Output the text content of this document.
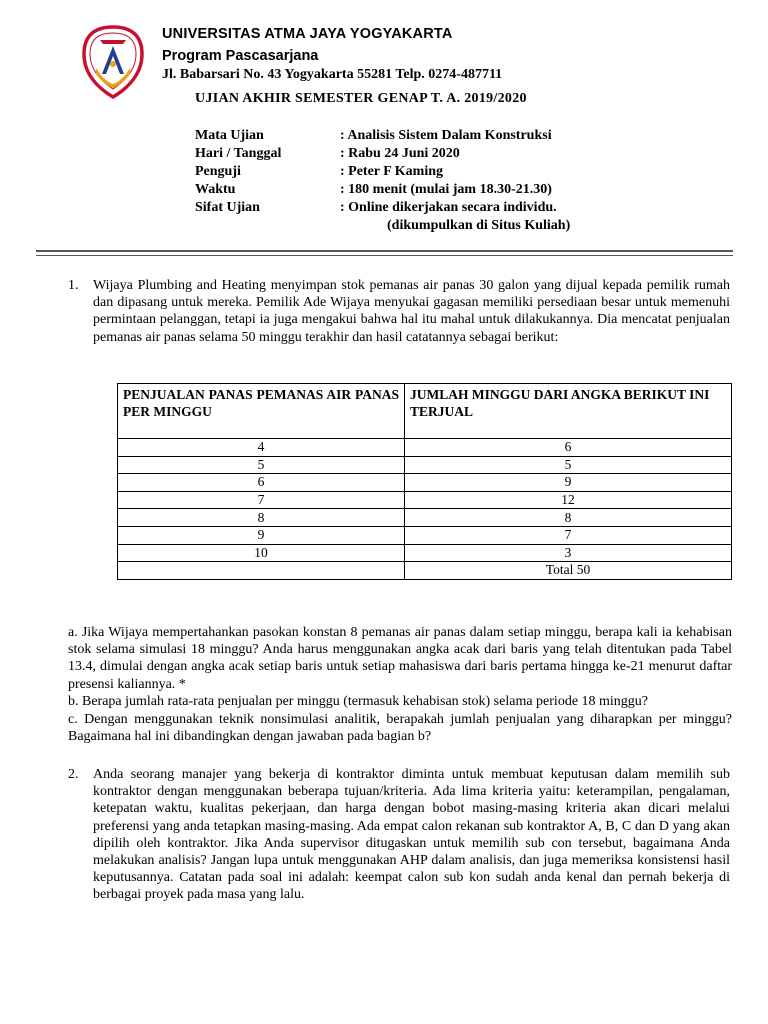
UNIVERSITAS ATMA JAYA YOGYAKARTA
Program Pascasarjana
Jl. Babarsari No. 43 Yogyakarta 55281 Telp. 0274-487711
UJIAN AKHIR SEMESTER GENAP T. A. 2019/2020
Mata Ujian	: Analisis Sistem Dalam Konstruksi
Hari / Tanggal	: Rabu 24 Juni 2020
Penguji	: Peter F Kaming
Waktu	: 180 menit (mulai jam 18.30-21.30)
Sifat Ujian	: Online dikerjakan secara individu.
(dikumpulkan di Situs Kuliah)
1. Wijaya Plumbing and Heating menyimpan stok pemanas air panas 30 galon yang dijual kepada pemilik rumah dan dipasang untuk mereka. Pemilik Ade Wijaya menyukai gagasan memiliki persediaan besar untuk memenuhi permintaan pelanggan, tetapi ia juga mengakui bahwa hal itu mahal untuk dilakukannya. Dia mencatat penjualan pemanas air panas selama 50 minggu terakhir dan hasil catatannya sebagai berikut:
PENJUALAN PANAS PEMANAS AIR PANAS PER MINGGU	JUMLAH MINGGU DARI ANGKA BERIKUT INI TERJUAL
4	6
5	5
6	9
7	12
8	8
9	7
10	3
	Total 50
a. Jika Wijaya mempertahankan pasokan konstan 8 pemanas air panas dalam setiap minggu, berapa kali ia kehabisan stok selama simulasi 18 minggu? Anda harus menggunakan angka acak dari baris yang telah ditentukan pada Tabel 13.4, dimulai dengan angka acak setiap baris untuk setiap mahasiswa dari baris pertama hingga ke-21 menurut daftar presensi kaliannya. *
b. Berapa jumlah rata-rata penjualan per minggu (termasuk kehabisan stok) selama periode 18 minggu?
c. Dengan menggunakan teknik nonsimulasi analitik, berapakah jumlah penjualan yang diharapkan per minggu? Bagaimana hal ini dibandingkan dengan jawaban pada bagian b?
2. Anda seorang manajer yang bekerja di kontraktor diminta untuk membuat keputusan dalam memilih sub kontraktor dengan menggunakan beberapa tujuan/kriteria. Ada lima kriteria yaitu: keterampilan, pengalaman, ketepatan waktu, kualitas pekerjaan, dan harga dengan bobot masing-masing kriteria akan dicari melalui preferensi yang anda tetapkan masing-masing. Ada empat calon rekanan sub kontraktor A, B, C dan D yang akan dipilih oleh kontraktor. Jika Anda supervisor ditugaskan untuk memilih sub con tersebut, bagaimana Anda melakukan analisis? Jangan lupa untuk menggunakan AHP dalam analisis, dan juga memeriksa konsistensi hasil keputusannya. Catatan pada soal ini adalah: keempat calon sub kon sudah anda kenal dan pernah bekerja di berbagai proyek pada masa yang lalu.
